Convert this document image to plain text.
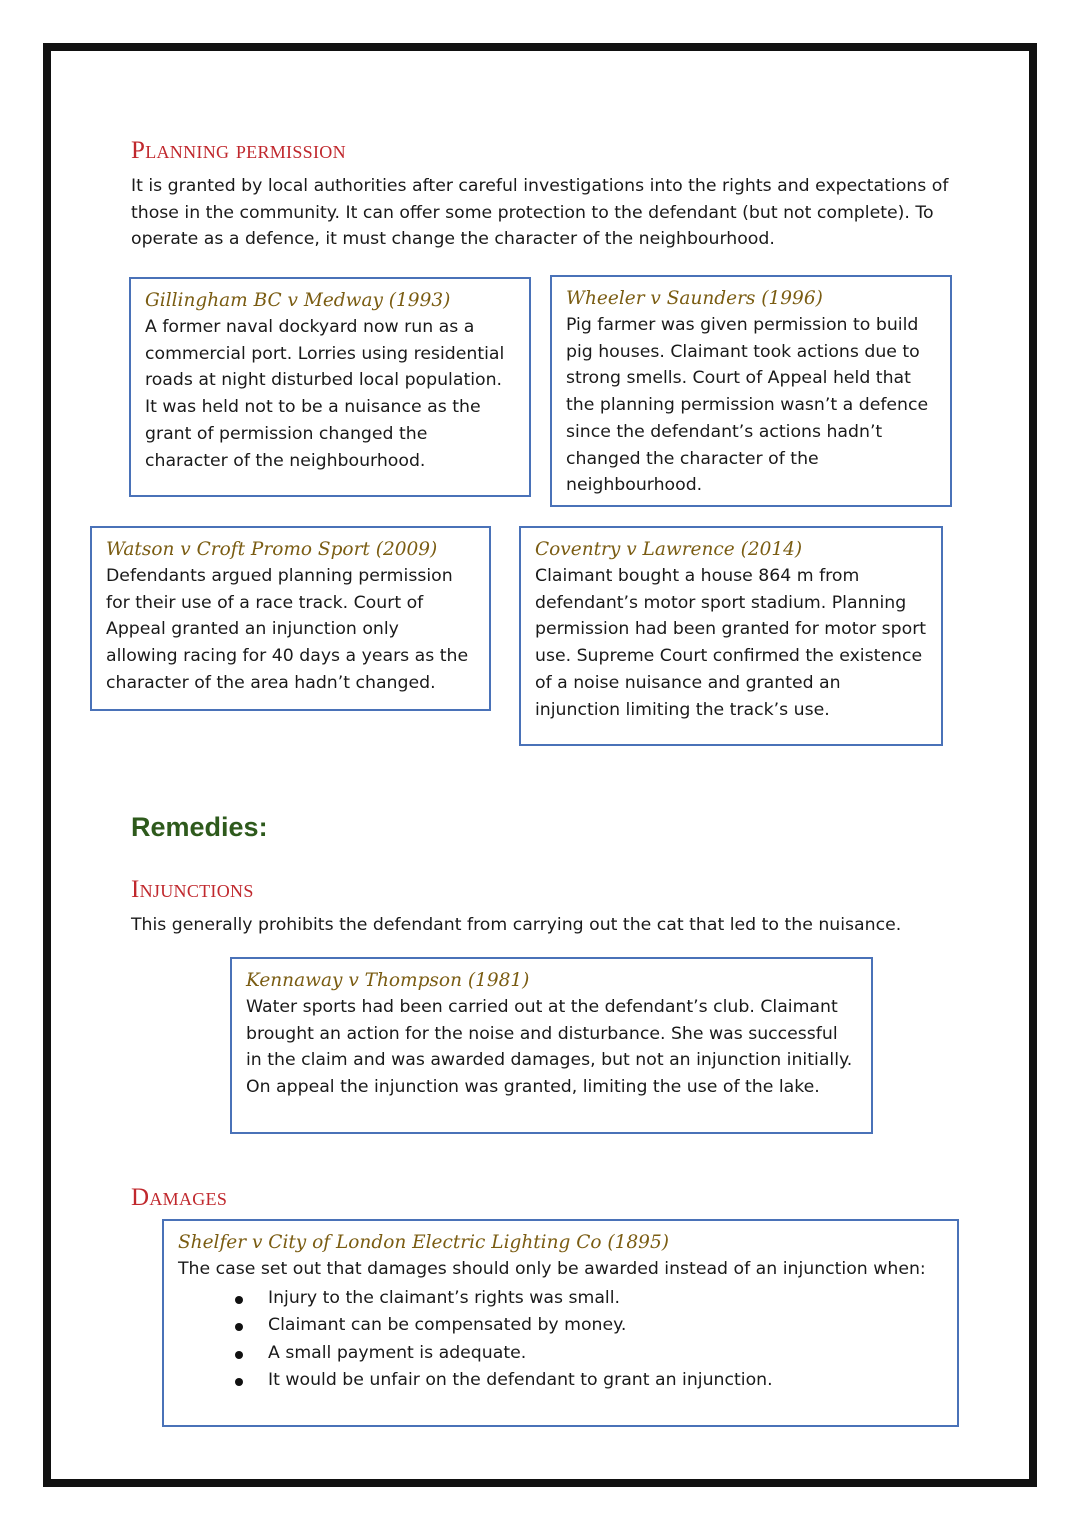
Planning permission

It is granted by local authorities after careful investigations into the rights and expectations of those in the community. It can offer some protection to the defendant (but not complete). To operate as a defence, it must change the character of the neighbourhood.

Gillingham BC v Medway (1993)

A former naval dockyard now run as a commercial port. Lorries using residential roads at night disturbed local population. It was held not to be a nuisance as the grant of permission changed the character of the neighbourhood.

Wheeler v Saunders (1996)

Pig farmer was given permission to build pig houses. Claimant took actions due to strong smells. Court of Appeal held that the planning permission wasn’t a defence since the defendant’s actions hadn’t changed the character of the neighbourhood.

Watson v Croft Promo Sport (2009)

Defendants argued planning permission for their use of a race track. Court of Appeal granted an injunction only allowing racing for 40 days a years as the character of the area hadn’t changed.

Coventry v Lawrence (2014)

Claimant bought a house 864 m from defendant’s motor sport stadium. Planning permission had been granted for motor sport use. Supreme Court confirmed the existence of a noise nuisance and granted an injunction limiting the track’s use.

Remedies:
Injunctions

This generally prohibits the defendant from carrying out the cat that led to the nuisance.

Kennaway v Thompson (1981)

Water sports had been carried out at the defendant’s club. Claimant brought an action for the noise and disturbance. She was successful in the claim and was awarded damages, but not an injunction initially. On appeal the injunction was granted, limiting the use of the lake.

Damages
Shelfer v City of London Electric Lighting Co (1895)

The case set out that damages should only be awarded instead of an injunction when:

Injury to the claimant’s rights was small.
Claimant can be compensated by money.
A small payment is adequate.
It would be unfair on the defendant to grant an injunction.
